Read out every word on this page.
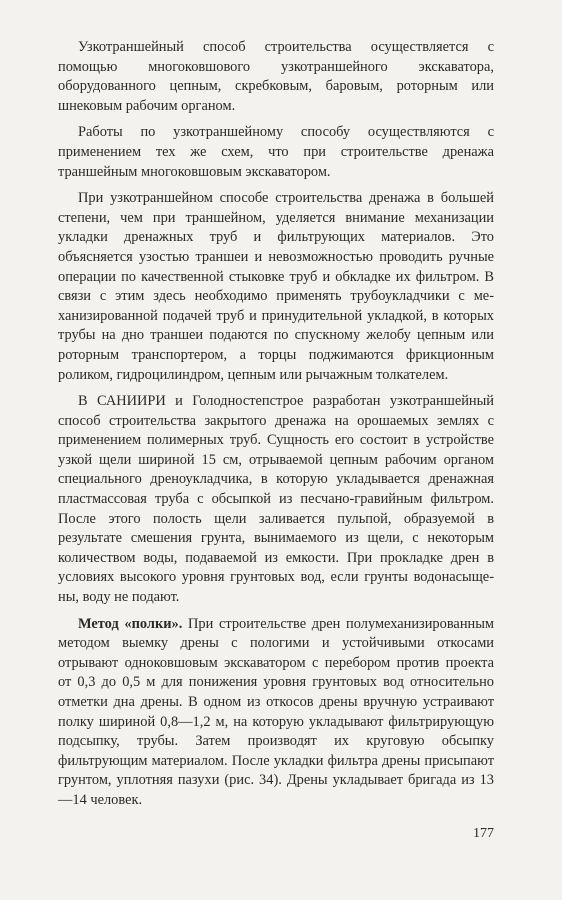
Узкотраншейный способ строительства осуществляется с помощью многоковшового узкотраншейного экскаватора, оборудованного цепным, скребковым, баровым, роторным или шнековым рабочим органом.

Работы по узкотраншейному способу осуществляются с применением тех же схем, что при строительстве дренажа траншейным многоковшовым экскаватором.

При узкотраншейном способе строительства дренажа в большей степени, чем при траншейном, уделяется внимание механизации укладки дренажных труб и фильтрующих материалов. Это объясняется узостью траншеи и невозможностью проводить ручные операции по качественной стыковке труб и обкладке их фильтром. В связи с этим здесь необходимо применять трубоукладчики с механизированной подачей труб и принудительной укладкой, в которых трубы на дно траншеи подаются по спускному желобу цепным или роторным транспортером, а торцы поджимаются фрикционным роликом, гидроцилиндром, цепным или рычажным толкателем.

В САНИИРИ и Голодностепстрое разработан узкотраншейный способ строительства закрытого дренажа на орошаемых землях с применением полимерных труб. Сущность его состоит в устройстве узкой щели шириной 15 см, отрываемой цепным рабочим органом специального дреноукладчика, в которую укладывается дренажная пластмассовая труба с обсыпкой из песчано-гравийным фильтром. После этого полость щели заливается пульпой, образуемой в результате смешения грунта, вынимаемого из щели, с некоторым количеством воды, подаваемой из емкости. При прокладке дрен в условиях высокого уровня грунтовых вод, если грунты водонасыщены, воду не подают.

Метод «полки». При строительстве дрен полумеханизированным методом выемку дрены с пологими и устойчивыми откосами отрывают одноковшовым экскаватором с перебором против проекта от 0,3 до 0,5 м для понижения уровня грунтовых вод относительно отметки дна дрены. В одном из откосов дрены вручную устраивают полку шириной 0,8—1,2 м, на которую укладывают фильтрирующую подсыпку, трубы. Затем производят их круговую обсыпку фильтрующим материалом. После укладки фильтра дрены присыпают грунтом, уплотняя пазухи (рис. 34). Дрены укладывает бригада из 13—14 человек.

177
